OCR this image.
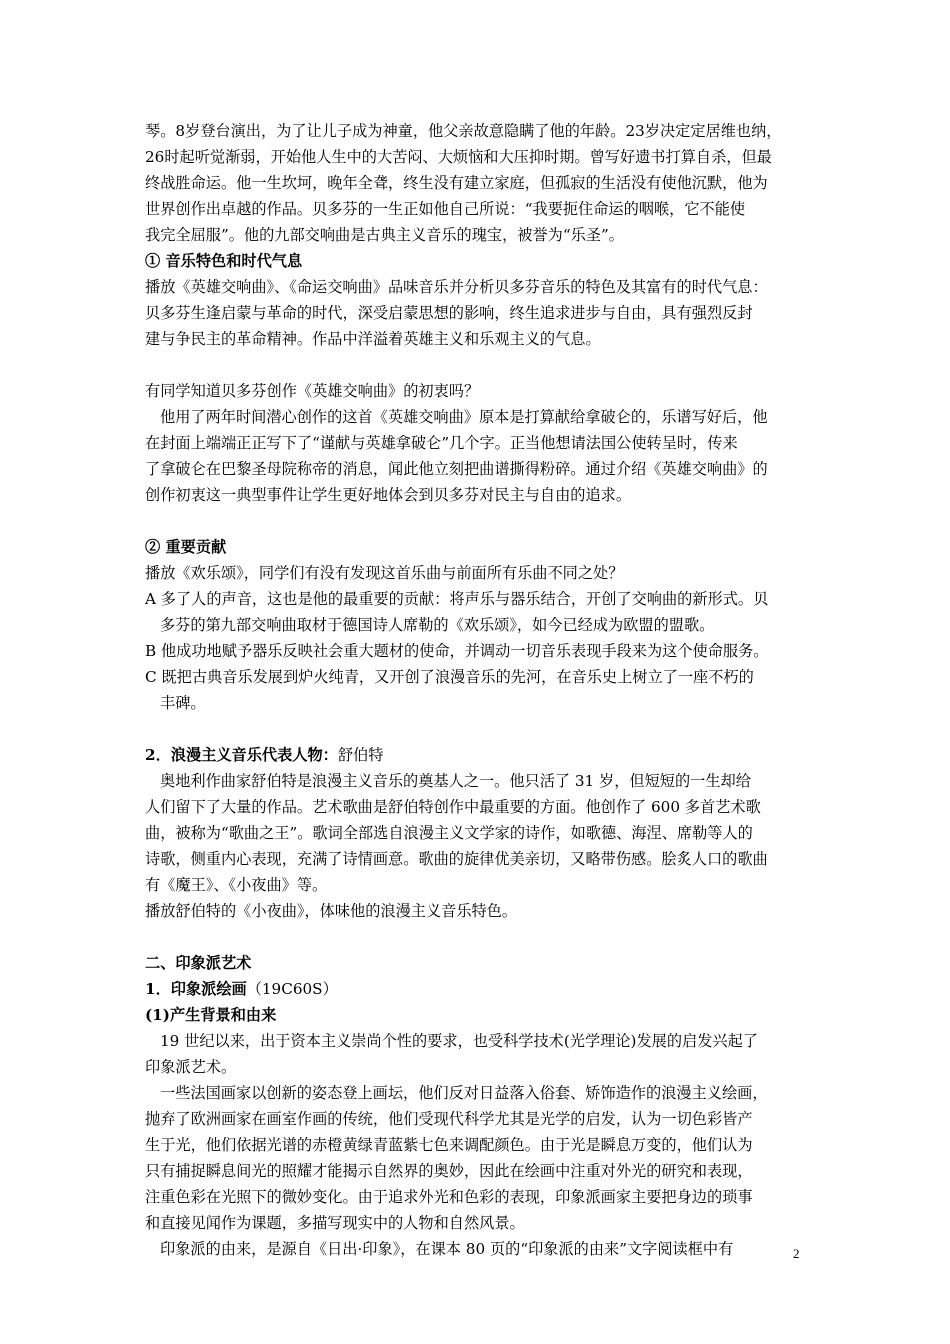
琴。8岁登台演出，为了让儿子成为神童，他父亲故意隐瞒了他的年龄。23岁决定定居维也纳，
26时起听觉渐弱，开始他人生中的大苦闷、大烦恼和大压抑时期。曾写好遗书打算自杀，但最
终战胜命运。他一生坎坷，晚年全聋，终生没有建立家庭，但孤寂的生活没有使他沉默，他为
世界创作出卓越的作品。贝多芬的一生正如他自己所说：“我要扼住命运的咽喉，它不能使
我完全屈服”。他的九部交响曲是古典主义音乐的瑰宝，被誉为“乐圣”。
① 音乐特色和时代气息
播放《英雄交响曲》、《命运交响曲》品味音乐并分析贝多芬音乐的特色及其富有的时代气息：
贝多芬生逢启蒙与革命的时代，深受启蒙思想的影响，终生追求进步与自由，具有强烈反封
建与争民主的革命精神。作品中洋溢着英雄主义和乐观主义的气息。
有同学知道贝多芬创作《英雄交响曲》的初衷吗？
他用了两年时间潜心创作的这首《英雄交响曲》原本是打算献给拿破仑的，乐谱写好后，他
在封面上端端正正写下了“谨献与英雄拿破仑”几个字。正当他想请法国公使转呈时，传来
了拿破仑在巴黎圣母院称帝的消息，闻此他立刻把曲谱撕得粉碎。通过介绍《英雄交响曲》的
创作初衷这一典型事件让学生更好地体会到贝多芬对民主与自由的追求。
② 重要贡献
播放《欢乐颂》，同学们有没有发现这首乐曲与前面所有乐曲不同之处？
A 多了人的声音，这也是他的最重要的贡献：将声乐与器乐结合，开创了交响曲的新形式。贝
多芬的第九部交响曲取材于德国诗人席勒的《欢乐颂》，如今已经成为欧盟的盟歌。
B 他成功地赋予器乐反映社会重大题材的使命，并调动一切音乐表现手段来为这个使命服务。
C 既把古典音乐发展到炉火纯青，又开创了浪漫音乐的先河，在音乐史上树立了一座不朽的
丰碑。
2．浪漫主义音乐代表人物：舒伯特
奥地利作曲家舒伯特是浪漫主义音乐的奠基人之一。他只活了 31 岁，但短短的一生却给
人们留下了大量的作品。艺术歌曲是舒伯特创作中最重要的方面。他创作了 600 多首艺术歌
曲，被称为“歌曲之王”。歌词全部选自浪漫主义文学家的诗作，如歌德、海涅、席勒等人的
诗歌，侧重内心表现，充满了诗情画意。歌曲的旋律优美亲切，又略带伤感。脍炙人口的歌曲
有《魔王》、《小夜曲》等。
播放舒伯特的《小夜曲》，体味他的浪漫主义音乐特色。
二、印象派艺术
1．印象派绘画（19C60S）
(1)产生背景和由来
19 世纪以来，出于资本主义崇尚个性的要求，也受科学技术(光学理论)发展的启发兴起了
印象派艺术。
一些法国画家以创新的姿态登上画坛，他们反对日益落入俗套、矫饰造作的浪漫主义绘画，
抛弃了欧洲画家在画室作画的传统，他们受现代科学尤其是光学的启发，认为一切色彩皆产
生于光，他们依据光谱的赤橙黄绿青蓝紫七色来调配颜色。由于光是瞬息万变的，他们认为
只有捕捉瞬息间光的照耀才能揭示自然界的奥妙，因此在绘画中注重对外光的研究和表现，
注重色彩在光照下的微妙变化。由于追求外光和色彩的表现，印象派画家主要把身边的琐事
和直接见闻作为课题，多描写现实中的人物和自然风景。
印象派的由来，是源自《日出·印象》，在课本 80 页的“印象派的由来”文字阅读框中有	2
